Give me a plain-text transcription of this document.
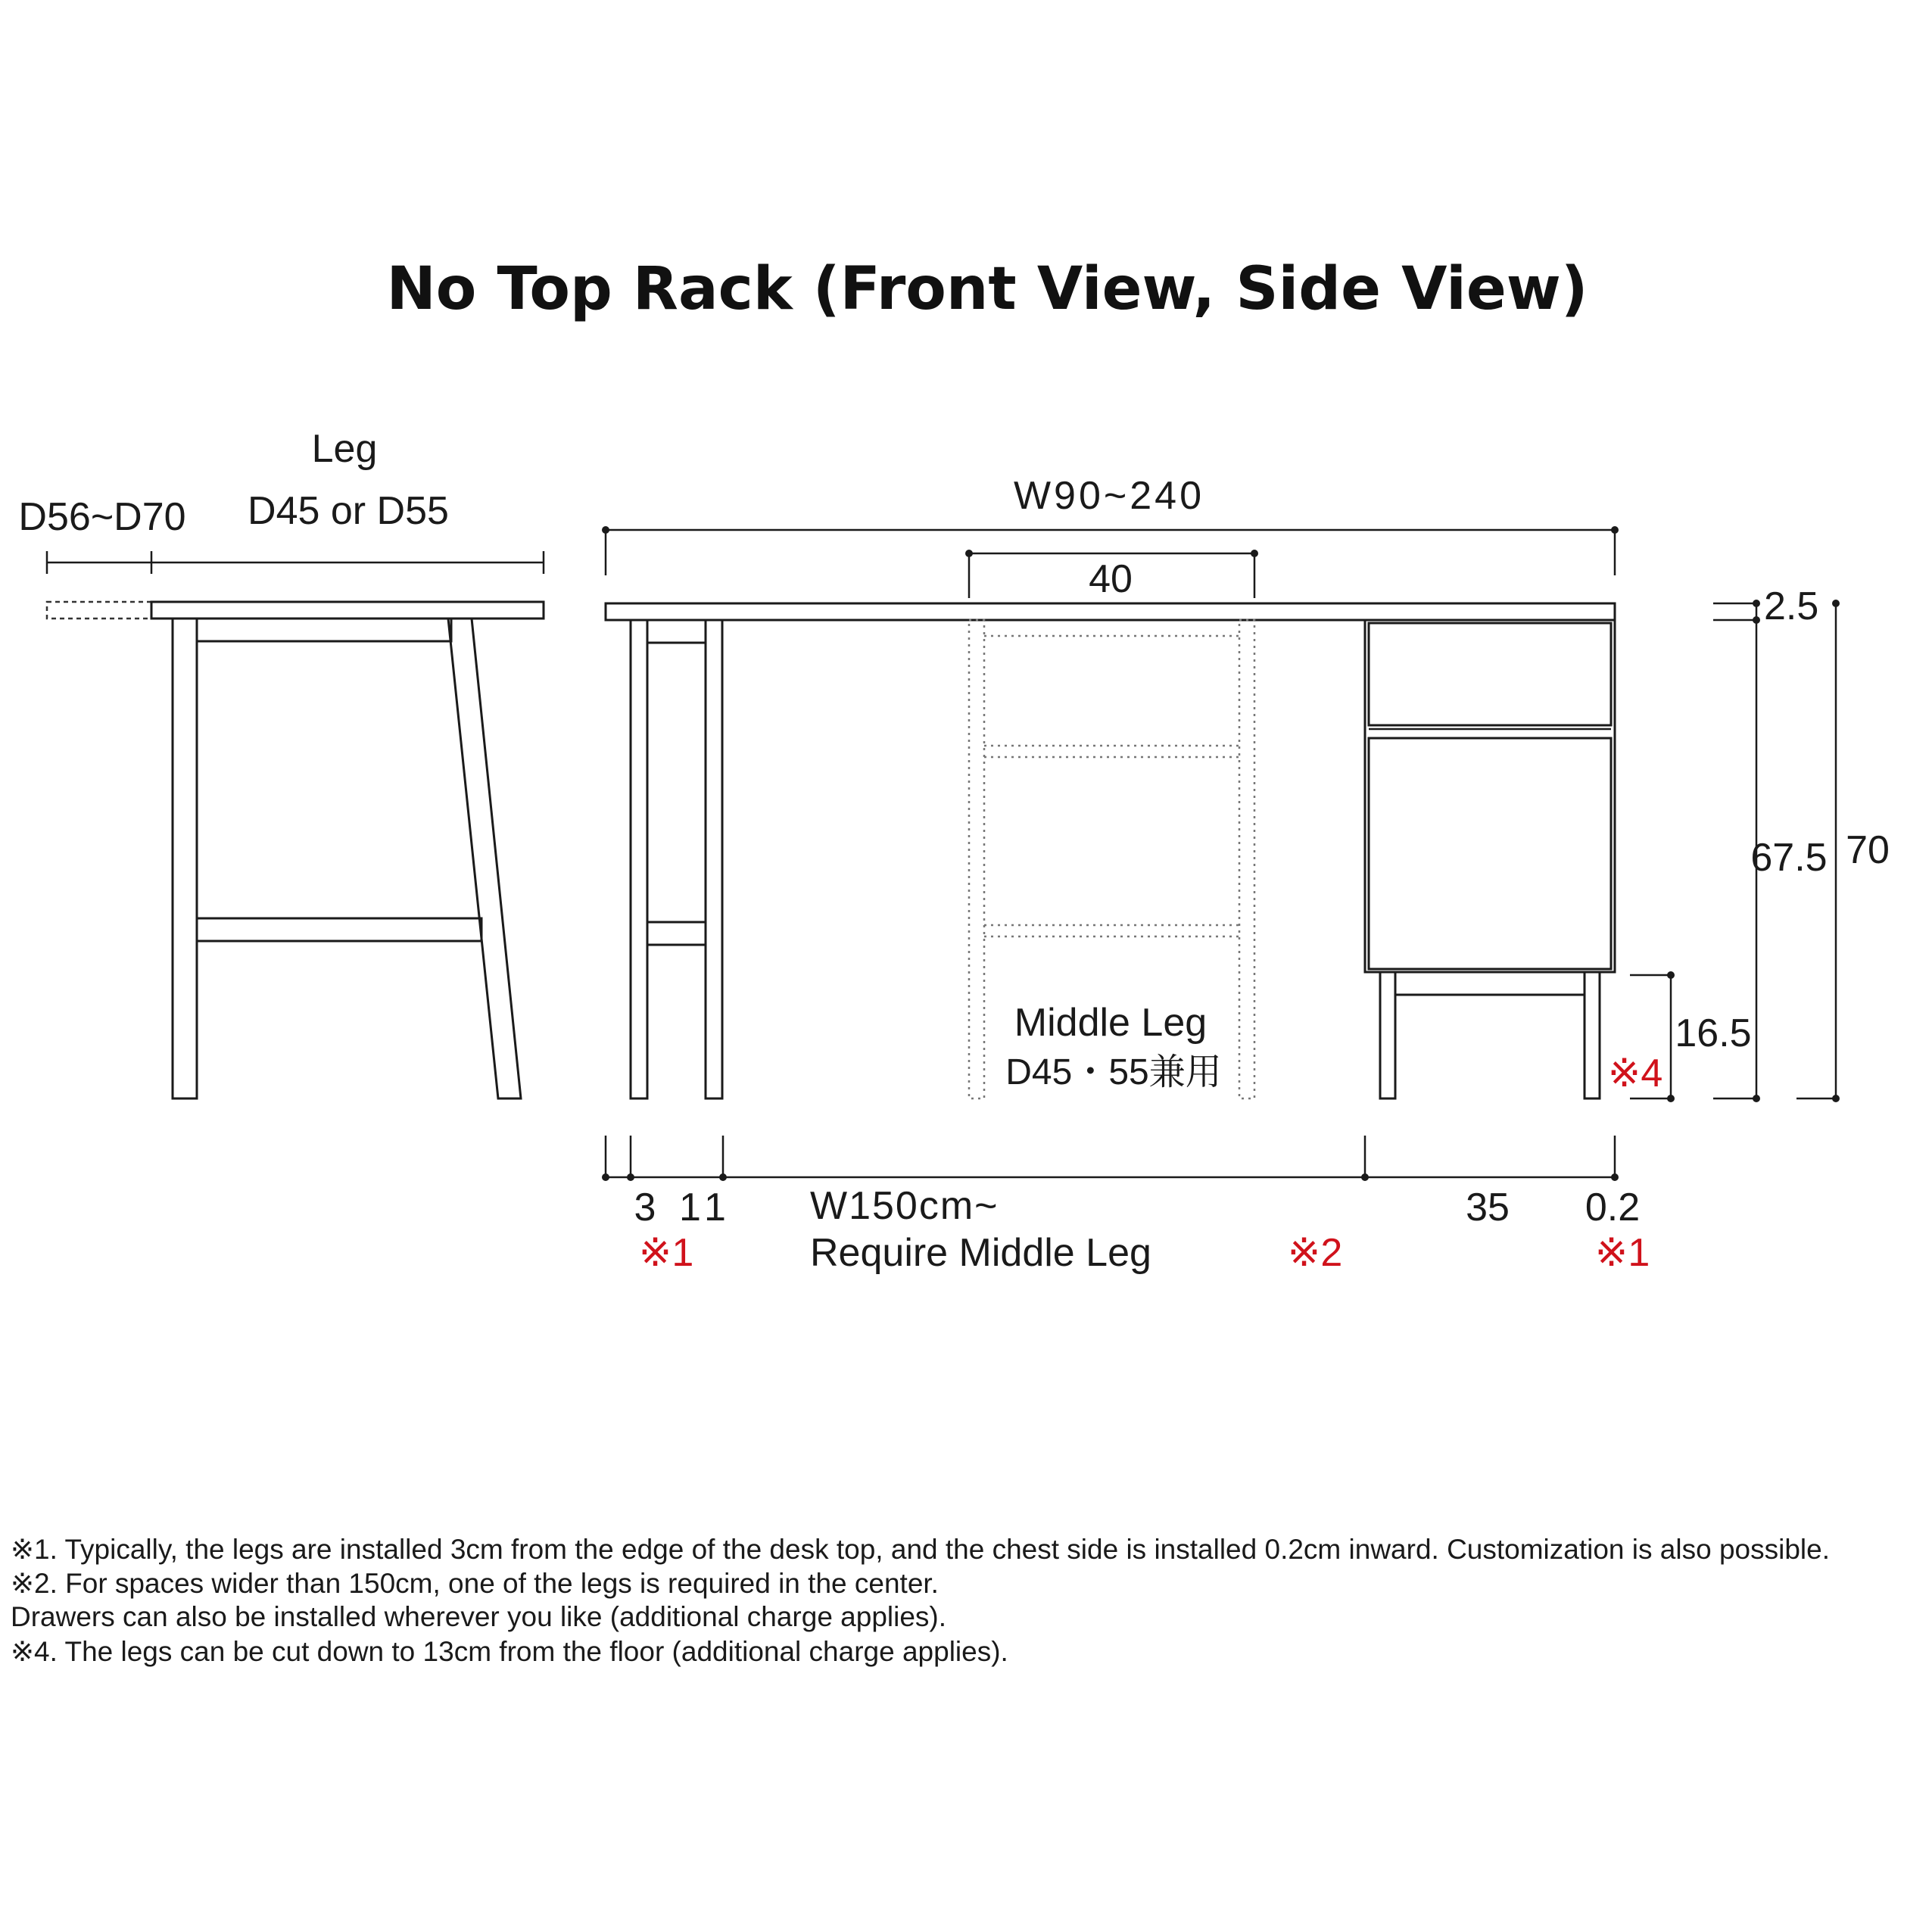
No Top Rack (Front View, Side View)
Leg
D56~D70 D45 or D55	W90~240
40
Middle Leg
D45・55兼用
2.5
67.5 70
16.5
※4
3 11 W150cm~
Require Middle Leg
35 0.2
※1	※2	※1

※1. Typically, the legs are installed 3cm from the edge of the desk top, and the chest side is installed 0.2cm inward. Customization is also possible.

※2. For spaces wider than 150cm, one of the legs is required in the center.

Drawers can also be installed wherever you like (additional charge applies).

※4. The legs can be cut down to 13cm from the floor (additional charge applies).
